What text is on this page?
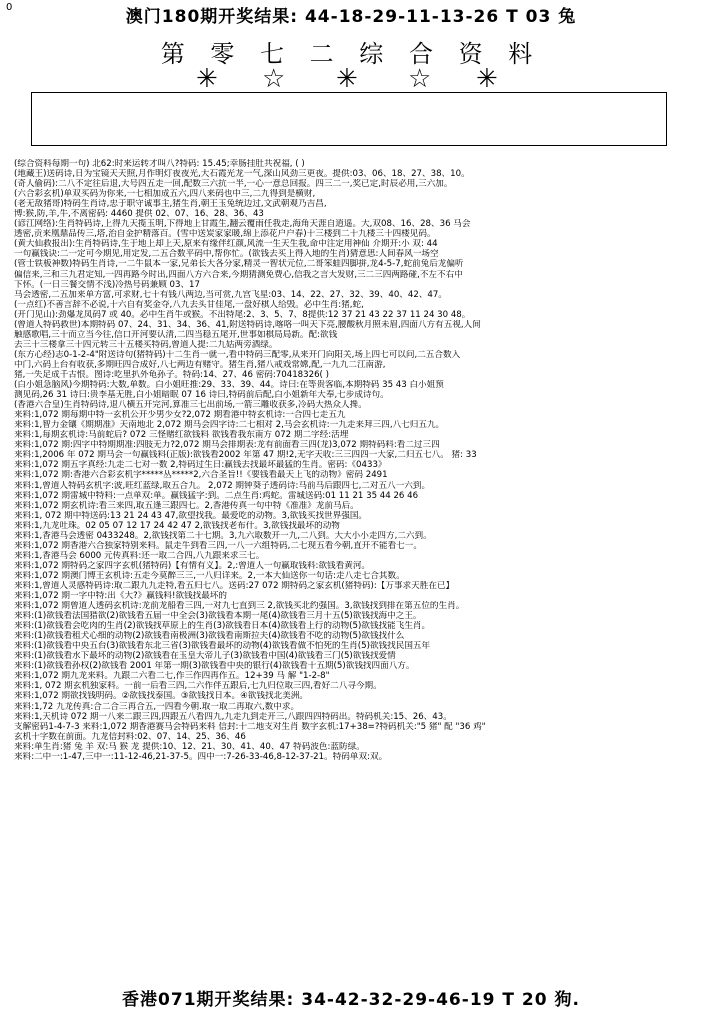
0	澳门180期开奖结果: 44-18-29-11-13-26 T 03 兔
第 零 七 二 综 合 资 料
✳ ☆ ✳ ☆ ✳
(综合资料每期一句) 北62:时来运转才叫八?特码: 15.45;幸肠挂肚共祝福, ( )
(地藏王)送码诗,日为宝镜天天照,月作明灯夜夜光,大石霞光龙一气,深山风劲三更夜。提供:03、06、18、27、38、10。
(奇人偷码):二八不定往后退,大号四五走一回,配数三六抗一半,一心一意总回报。四三二一,奖已定,时辰必用,三六加。
(六合彩玄机)单双买码为你来,一七相加成五六,四八来码也中三,二九得到是横财,
(老无敌猪哥)特码生肖诗,忠于职守诚事主,猪生肖,朝王玉兔统边过,文武朝观乃吉昌,
博:猴,防,羊,牛,不离密码: 4460 提供 02、07、16、28、36、43
(谚江网络):生肖特码诗,上得九天揽玉明,下得地上甘霞生,翻云覆雨任我走,海角天涯自逍遥。大,双08、16、28、36 马会
透密,贡来凰鼎品传三,塔,治自金护精落百。(雪中送炭家家暖,绵上添花户户春)十三楼到二十九楼三十四楼见码。
(黄大仙救报出):生肖特码诗,生于地上却上天,原来有缘伴红颜,风流一生天生我,命中注定用神仙 介期开:小 双: 44
一句赢钱诀:二一定可今期见,用定发,二五合数平码中,帮你忙。(欲钱去买上得入地的生肖)猜意思:人间春风一场空
(管士铁板神数)特码生肖诗,一二牛鼠本一家,兄弟长大各分家,精灵一智状元位,二哥笨蛙四脚拼,龙4-5-7,蛇前兔后龙偏听
偏信来,三和三九君定知,一四再路今时出,四面八方六合来,今期猜测免费心,信我之言大发财,三二三四两路碰,不左不右中
下怀。(一日三餐交情不浅)冷热号码兼顾 03、17
马会透密,二五加来单方富,可求财,七十有钱八两边,当可赏,九宫飞星:03、14、22、27、32、39、40、42、47。
(一点红)不善言辞不必说,十六自有奖金夺,八九去头甘佳尾,一盘好棋人给毁。必中生肖:猪,蛇,
(开门见山):劲爆龙凤码7 或 40。必中生肖牛或猴。不出特尾:2、3、5、7、8提供:12 37 21 43 22 37 11 24 30 48。
(曾道人特码救世)本期特码 07、24、31、34、36、41,附送特码诗,喀咯一叫天下亮,腰酸秋月照未眉,四面八方有五视,人间
触感歌唱,三十而立当今往,信口开河要认清,二四当稳五尾开,世事如棋局局新。配:欲钱
去三十三楼拿三十四元转三十五楼买特码,曾道人提:二九姑两旁酒绿。
(东方心经)志0-1-2-4"附送诗句(猪特码)十二生肖一就一,看中特码三配零,从来开门向阳关,场上四七可以问,二五合数入
中门,六码上台有收获,多期旺四合成好,八七两边有赌守。猪生肖,猪八戒戏常嫦,配,一九九二江南游,
猪,一失足成千古恨。图诗:吃里扒外龟孙子。特码:14、27、46 密码:70418326( )
(白小姐急脑风)今期特码:大数,单数。白小姐旺推:29、33、39、44。诗曰:在等贵客临,本期特码 35 43 白小姐预
测见码,26 31 诗曰:贵李基无胜,白小姐暗眠 07 16 诗曰,特码前后配,白小姐新年大奉,七步成诗句。
(香港六合皇)生肖特码诗,退八横五开完河,算准三七出前场,一箭三雕收获多,冷码大热众人搀。
来料:1,072 期每期中特一玄机公开少男少女?2,072 期看港中特玄机诗:一合四七走五九
来料:1,智力金镶《期期准》天南地北 2,072 期马会四字诗:二七相对 2,马会玄机诗:一九走来拜三四,八七归五九。
来料:1,每期玄机诗:马前蛇后? 072 三怪赌红欲钱料 欲钱看我东南方 072 期二字经:活埋
来料:1,072 期:四字中特期期准:四肢无力?2,072 期马会排期表:龙有前面看三四(龙)3,072 期特码料:看二过三四
来料:1,2006 年 072 期马会一句赢钱料(正版):欲钱看2002 年第 47 期!2,无字天收:三三四四一大家,二归五七八。 猪: 33
来料:1,072 期五字真经:九走二七对一数 2,特码过生日:赢钱去找最坏最猛的生肖。密码:《0433》
来料:1,072 期:香港六合彩玄机字*****丛*****2,六合圣旨!!《要钱看最天上飞的动物》密码 2491
来料:1,曾道人特码玄机字:波,旺红蓝绿,取五合九。 2,072 期钟葵子透码诗:马前马后跟四七,二对五八一六到。
来料:1,072 期雷城中特料:一点单双:单。赢钱猛字:到。二点生肖:鸡蛇。雷城送码:01 11 21 35 44 26 46
来料:1,072 期玄机诗:看三来四,取五逢三跟四七。2,香港传真一句中特《准准》龙前马后。
来料:1, 072 期中特送码:13 21 24 43 47,欲望找我。最爱吃的动物。3,欲钱买找世界强国。
来料:1,九龙吐珠。02 05 07 12 17 24 42 47 2,欲钱找老布什。3,欲钱找最坏的动物
来料:1,香港马会透密 0433248。2,欲钱找第二十七期。3,九六取数开一九,二八到。大大小小走四方,二六到。
来料:1,072 期香港六合独家特别来料。鼠走牛到看三四,一八一六组特码,二七现五看今朝,直开不能看七一。
来料:1,香港马会 6000 元传真料:还一取二合四,八九跟来求三七。
来料:1,072 期特码之家四字玄机(猪特码)【有情有义】。2,:曾道人一句赢取钱料:欲钱看黄河。
来料:1,072 期澳门博王玄机诗:五走今莫醉三三,一八归详来。2,一本大仙送你一句话:走八走七合其数。
来料:1,曾道人灵感特码诗:取二跟九九走特,看五归七八。送码:27 072 期特码之家玄机(猪特码):【万事求天胜在已】
来料:1,072 期一字中特:出《大?》赢钱料!欲钱找最坏的
来料:1,072 期曾道人透码玄机诗:龙前龙船看三四,一对九七直到三 2,欲钱买北约强国。3,欲钱找到排在第五位的生肖。
来料:(1)欲钱看法国猎欲(2)欲钱看五届一中全会(3)欲钱看本期一尾(4)欲钱看三月十五(5)欲钱找海中之王。
来料:(1)欲钱看会吃肉的生肖(2)欲钱找草原上的生肖(3)欲钱看日本(4)欲钱看上行的动物(5)欲钱找能飞生肖。
来料:(1)欲钱看租犬心细的动物(2)欲钱看南极洲(3)欲钱看南斯拉夫(4)欲钱看不吃的动物(5)欲钱找什么
来料:(1)欲钱看中央五台(3)欲钱看东北三省(3)欲钱看最坏的动物(4)欲钱看做不怕死的生肖(5)欲钱找民国五年
来料:(1)欲钱看水下最坏的动物(2)欲钱看在玉皇大帝儿子(3)欲钱看中国(4)欲钱看三门(5)欲钱找爱情
来料:(1)欲钱看孙权(2)欲钱看 2001 年第一期(3)欲钱看中央的银行(4)欲钱看十五期(5)欲钱找四面八方。
来料:1,072 期九龙来料。九跟二六看二七,作三作四再作五。12+39 马 解 "1-2-8"
来料:1, 072 期玄机独家料。一前一后看三四,二六作伴五跟后,七九归位取三四,看好二八寻今期。
来料:1,072 期欲找钱明码。②欲钱找泰国。③欲钱找日本。④欲钱找北美洲。
来料:1,72 九龙传真:合二合三再合五,一四看今朝.取一取二再取六,数中求。
来料:1,天机诗 072 期一八来二跟三四,四跟五八看四九,九走九到走开三,八跟四四特码出。特码机关:15、26、43。
支解密码1-4-7-3 来料:1,072 期香港赛马会特码来料 信封:十二地支对生肖 数字玄机:17+38=?特码机关:"5 猪" 配 "36 鸡"
玄机十字数在前面。九龙信封料:02、07、14、25、36、46
来料:单生肖:猪 兔 羊 双:马 猴 龙 提供:10、12、21、30、41、40、47 特码波色:蓝防绿。
来料:二中一:1-47,三中一:11-12-46,21-37-5。四中一:7-26-33-46,8-12-37-21。特码单双:双。
香港071期开奖结果: 34-42-32-29-46-19 T 20 狗.
